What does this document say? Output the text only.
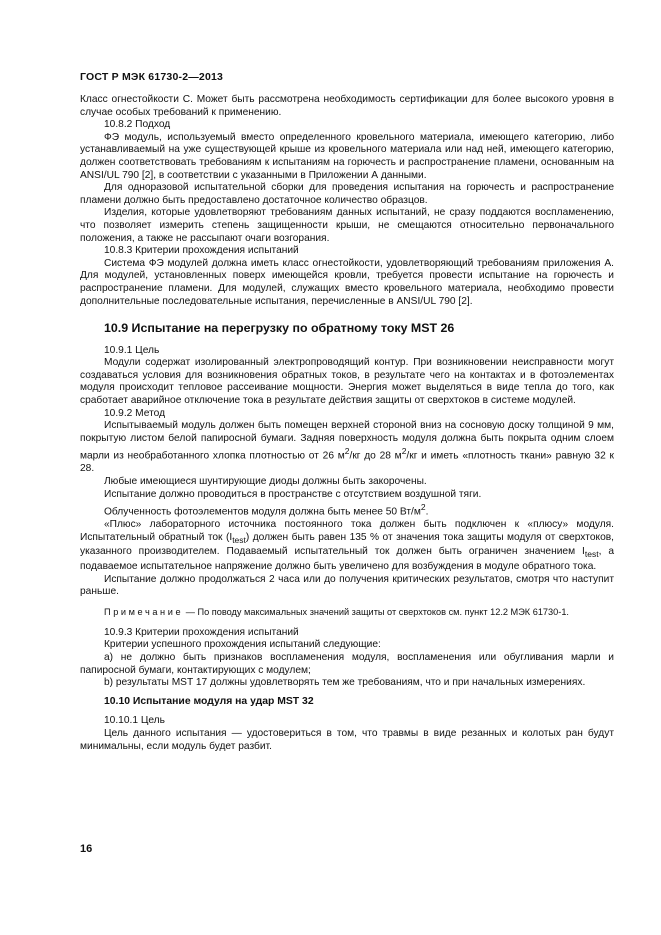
ГОСТ Р МЭК 61730-2—2013

Класс огнестойкости С. Может быть рассмотрена необходимость сертификации для более высокого уровня в случае особых требований к применению.

10.8.2 Подход

ФЭ модуль, используемый вместо определенного кровельного материала, имеющего категорию, либо устанавливаемый на уже существующей крыше из кровельного материала или над ней, имеющего категорию, должен соответствовать требованиям к испытаниям на горючесть и распространение пламени, основанным на ANSI/UL 790 [2], в соответствии с указанными в Приложении А данными.

Для одноразовой испытательной сборки для проведения испытания на горючесть и распространение пламени должно быть предоставлено достаточное количество образцов.

Изделия, которые удовлетворяют требованиям данных испытаний, не сразу поддаются воспламенению, что позволяет измерить степень защищенности крыши, не смещаются относительно первоначального положения, а также не рассыпают очаги возгорания.

10.8.3 Критерии прохождения испытаний

Система ФЭ модулей должна иметь класс огнестойкости, удовлетворяющий требованиям приложения А. Для модулей, установленных поверх имеющейся кровли, требуется провести испытание на горючесть и распространение пламени. Для модулей, служащих вместо кровельного материала, необходимо провести дополнительные последовательные испытания, перечисленные в ANSI/UL 790 [2].

10.9 Испытание на перегрузку по обратному току MST 26

10.9.1 Цель

Модули содержат изолированный электропроводящий контур. При возникновении неисправности могут создаваться условия для возникновения обратных токов, в результате чего на контактах и в фотоэлементах модуля происходит тепловое рассеивание мощности. Энергия может выделяться в виде тепла до того, как сработает аварийное отключение тока в результате действия защиты от сверхтоков в системе модулей.

10.9.2 Метод

Испытываемый модуль должен быть помещен верхней стороной вниз на сосновую доску толщиной 9 мм, покрытую листом белой папиросной бумаги. Задняя поверхность модуля должна быть покрыта одним слоем марли из необработанного хлопка плотностью от 26 $м^2/кг$ до 28 $м^2/кг$ и иметь «плотность ткани» равную 32 к 28.

Любые имеющиеся шунтирующие диоды должны быть закорочены.

Испытание должно проводиться в пространстве с отсутствием воздушной тяги.

Облученность фотоэлементов модуля должна быть менее 50 $Вт/м^2$.

«Плюс» лабораторного источника постоянного тока должен быть подключен к «плюсу» модуля. Испытательный обратный ток $(I_{test})$ должен быть равен 135 % от значения тока защиты модуля от сверхтоков, указанного производителем. Подаваемый испытательный ток должен быть ограничен значением $I_{test}$, а подаваемое испытательное напряжение должно быть увеличено для возбуждения в модуле обратного тока.

Испытание должно продолжаться 2 часа или до получения критических результатов, смотря что наступит раньше.

Примечание — По поводу максимальных значений защиты от сверхтоков см. пункт 12.2 МЭК 61730-1.

10.9.3 Критерии прохождения испытаний

Критерии успешного прохождения испытаний следующие:

а) не должно быть признаков воспламенения модуля, воспламенения или обугливания марли и папиросной бумаги, контактирующих с модулем;

b) результаты MST 17 должны удовлетворять тем же требованиям, что и при начальных измерениях.

10.10 Испытание модуля на удар MST 32

10.10.1 Цель

Цель данного испытания — удостовериться в том, что травмы в виде резанных и колотых ран будут минимальны, если модуль будет разбит.

16
